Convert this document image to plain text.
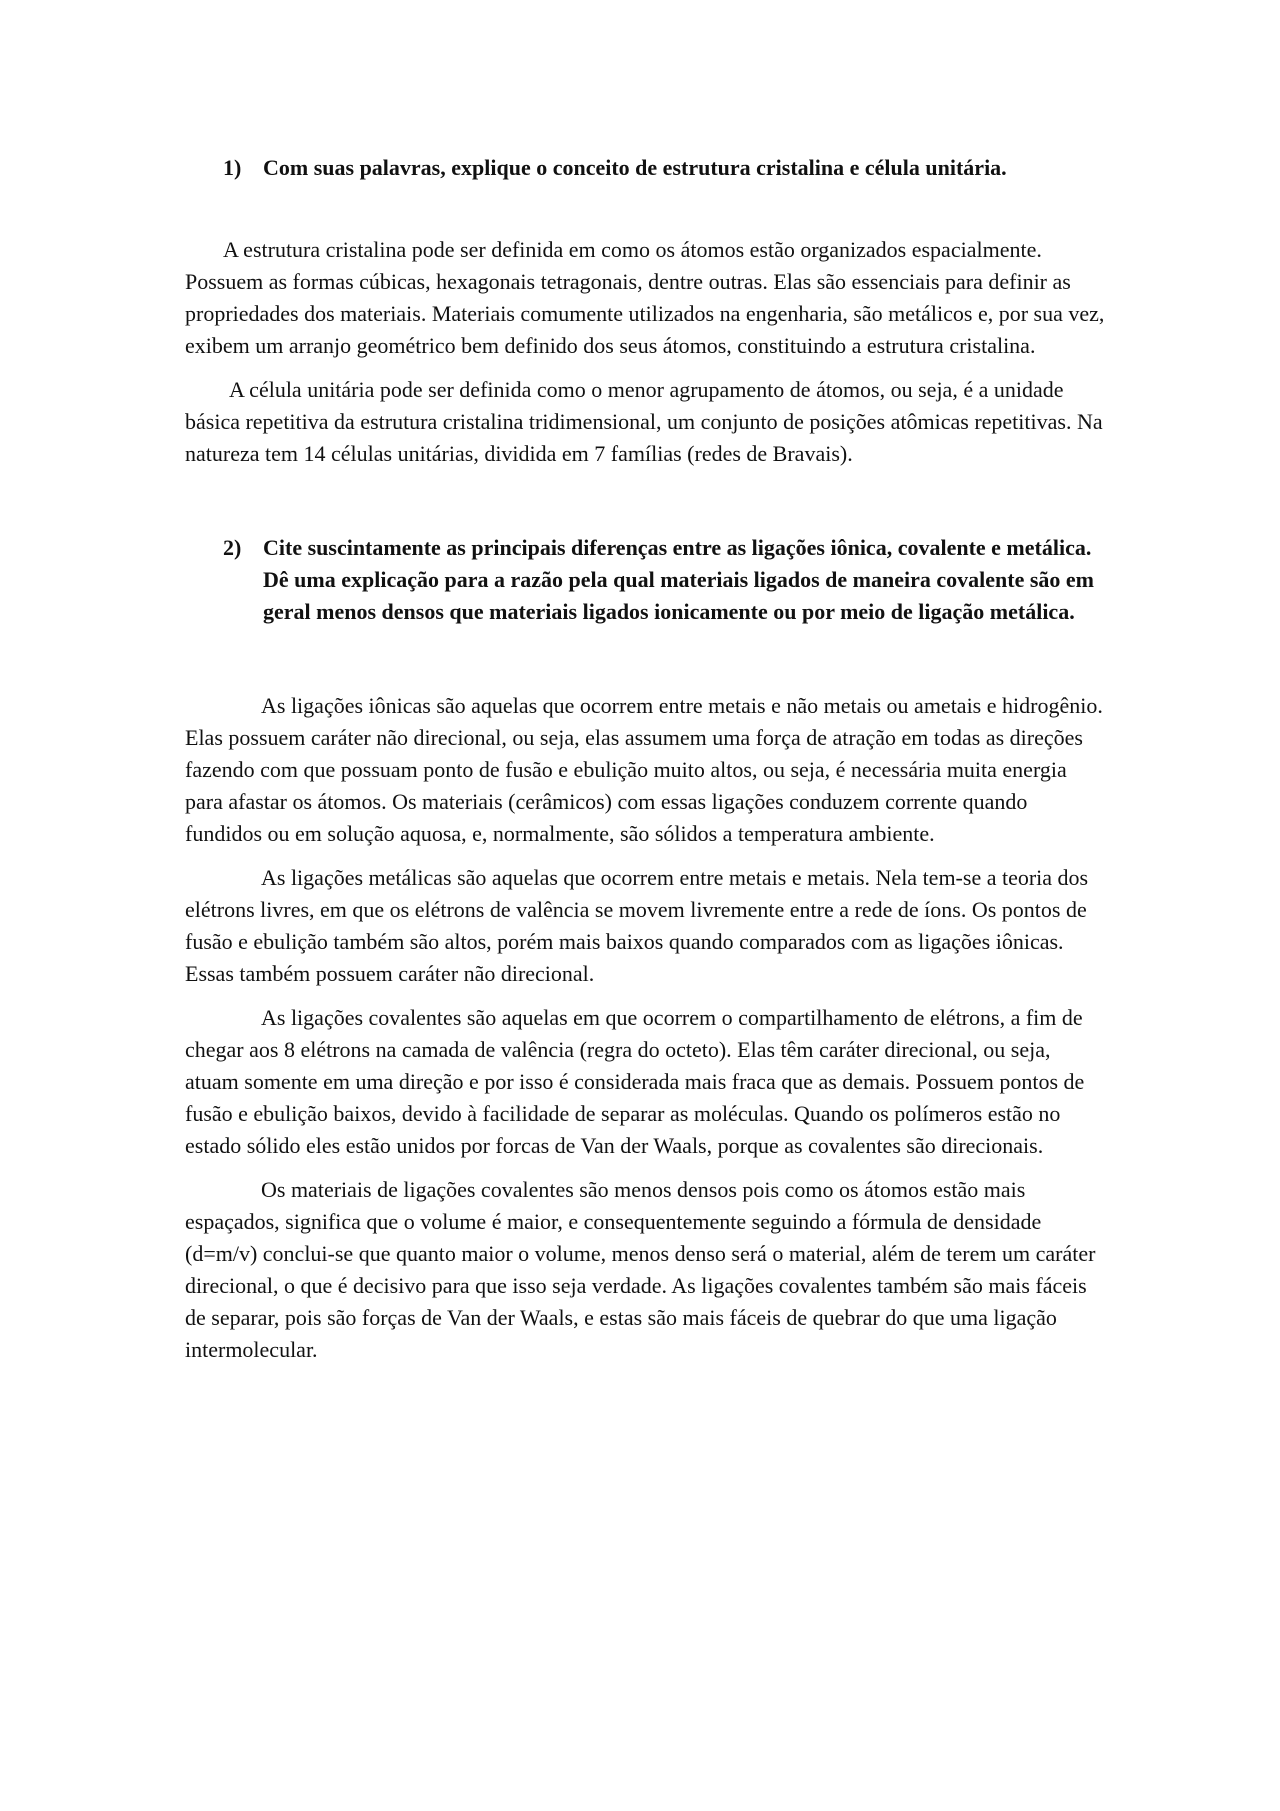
1) Com suas palavras, explique o conceito de estrutura cristalina e célula unitária.

A estrutura cristalina pode ser definida em como os átomos estão organizados espacialmente. Possuem as formas cúbicas, hexagonais tetragonais, dentre outras. Elas são essenciais para definir as propriedades dos materiais. Materiais comumente utilizados na engenharia, são metálicos e, por sua vez, exibem um arranjo geométrico bem definido dos seus átomos, constituindo a estrutura cristalina.

A célula unitária pode ser definida como o menor agrupamento de átomos, ou seja, é a unidade básica repetitiva da estrutura cristalina tridimensional, um conjunto de posições atômicas repetitivas. Na natureza tem 14 células unitárias, dividida em 7 famílias (redes de Bravais).

2) Cite suscintamente as principais diferenças entre as ligações iônica, covalente e metálica. Dê uma explicação para a razão pela qual materiais ligados de maneira covalente são em geral menos densos que materiais ligados ionicamente ou por meio de ligação metálica.

As ligações iônicas são aquelas que ocorrem entre metais e não metais ou ametais e hidrogênio. Elas possuem caráter não direcional, ou seja, elas assumem uma força de atração em todas as direções fazendo com que possuam ponto de fusão e ebulição muito altos, ou seja, é necessária muita energia para afastar os átomos. Os materiais (cerâmicos) com essas ligações conduzem corrente quando fundidos ou em solução aquosa, e, normalmente, são sólidos a temperatura ambiente.

As ligações metálicas são aquelas que ocorrem entre metais e metais. Nela tem-se a teoria dos elétrons livres, em que os elétrons de valência se movem livremente entre a rede de íons. Os pontos de fusão e ebulição também são altos, porém mais baixos quando comparados com as ligações iônicas. Essas também possuem caráter não direcional.

As ligações covalentes são aquelas em que ocorrem o compartilhamento de elétrons, a fim de chegar aos 8 elétrons na camada de valência (regra do octeto). Elas têm caráter direcional, ou seja, atuam somente em uma direção e por isso é considerada mais fraca que as demais. Possuem pontos de fusão e ebulição baixos, devido à facilidade de separar as moléculas. Quando os polímeros estão no estado sólido eles estão unidos por forcas de Van der Waals, porque as covalentes são direcionais.

Os materiais de ligações covalentes são menos densos pois como os átomos estão mais espaçados, significa que o volume é maior, e consequentemente seguindo a fórmula de densidade (d=m/v) conclui-se que quanto maior o volume, menos denso será o material, além de terem um caráter direcional, o que é decisivo para que isso seja verdade. As ligações covalentes também são mais fáceis de separar, pois são forças de Van der Waals, e estas são mais fáceis de quebrar do que uma ligação intermolecular.
